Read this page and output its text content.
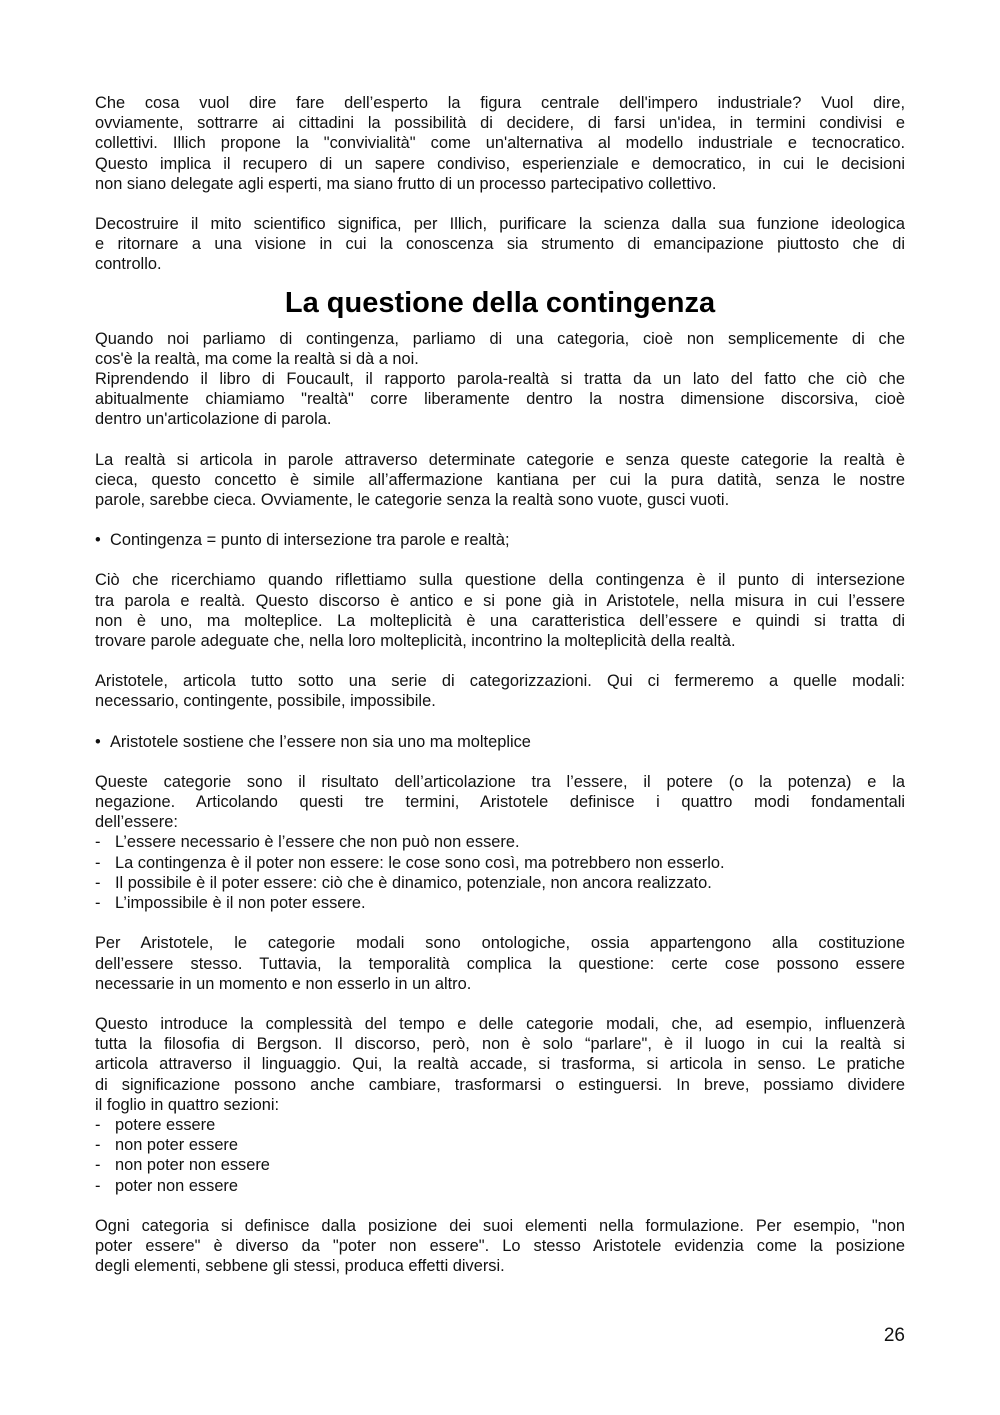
Che cosa vuol dire fare dell’esperto la figura centrale dell'impero industriale? Vuol dire,
ovviamente, sottrarre ai cittadini la possibilità di decidere, di farsi un'idea, in termini condivisi e
collettivi. Illich propone la "convivialità" come un'alternativa al modello industriale e tecnocratico.
Questo implica il recupero di un sapere condiviso, esperienziale e democratico, in cui le decisioni
non siano delegate agli esperti, ma siano frutto di un processo partecipativo collettivo.

Decostruire il mito scientifico significa, per Illich, purificare la scienza dalla sua funzione ideologica
e ritornare a una visione in cui la conoscenza sia strumento di emancipazione piuttosto che di
controllo.

La questione della contingenza

Quando noi parliamo di contingenza, parliamo di una categoria, cioè non semplicemente di che
cos'è la realtà, ma come la realtà si dà a noi.

Riprendendo il libro di Foucault, il rapporto parola-realtà si tratta da un lato del fatto che ciò che
abitualmente chiamiamo "realtà" corre liberamente dentro la nostra dimensione discorsiva, cioè
dentro un'articolazione di parola.

La realtà si articola in parole attraverso determinate categorie e senza queste categorie la realtà è
cieca, questo concetto è simile all’affermazione kantiana per cui la pura datità, senza le nostre
parole, sarebbe cieca. Ovviamente, le categorie senza la realtà sono vuote, gusci vuoti.

• Contingenza = punto di intersezione tra parole e realtà;

Ciò che ricerchiamo quando riflettiamo sulla questione della contingenza è il punto di intersezione
tra parola e realtà. Questo discorso è antico e si pone già in Aristotele, nella misura in cui l’essere
non è uno, ma molteplice. La molteplicità è una caratteristica dell’essere e quindi si tratta di
trovare parole adeguate che, nella loro molteplicità, incontrino la molteplicità della realtà.

Aristotele, articola tutto sotto una serie di categorizzazioni. Qui ci fermeremo a quelle modali:
necessario, contingente, possibile, impossibile.

• Aristotele sostiene che l’essere non sia uno ma molteplice

Queste categorie sono il risultato dell’articolazione tra l’essere, il potere (o la potenza) e la
negazione. Articolando questi tre termini, Aristotele definisce i quattro modi fondamentali
dell’essere:

- L’essere necessario è l’essere che non può non essere.
- La contingenza è il poter non essere: le cose sono così, ma potrebbero non esserlo.
- Il possibile è il poter essere: ciò che è dinamico, potenziale, non ancora realizzato.
- L’impossibile è il non poter essere.

Per Aristotele, le categorie modali sono ontologiche, ossia appartengono alla costituzione
dell’essere stesso. Tuttavia, la temporalità complica la questione: certe cose possono essere
necessarie in un momento e non esserlo in un altro.

Questo introduce la complessità del tempo e delle categorie modali, che, ad esempio, influenzerà
tutta la filosofia di Bergson. Il discorso, però, non è solo “parlare", è il luogo in cui la realtà si
articola attraverso il linguaggio. Qui, la realtà accade, si trasforma, si articola in senso. Le pratiche
di significazione possono anche cambiare, trasformarsi o estinguersi. In breve, possiamo dividere
il foglio in quattro sezioni:

- potere essere
- non poter essere
- non poter non essere
- poter non essere

Ogni categoria si definisce dalla posizione dei suoi elementi nella formulazione. Per esempio, "non
poter essere" è diverso da "poter non essere". Lo stesso Aristotele evidenzia come la posizione
degli elementi, sebbene gli stessi, produca effetti diversi.

26
